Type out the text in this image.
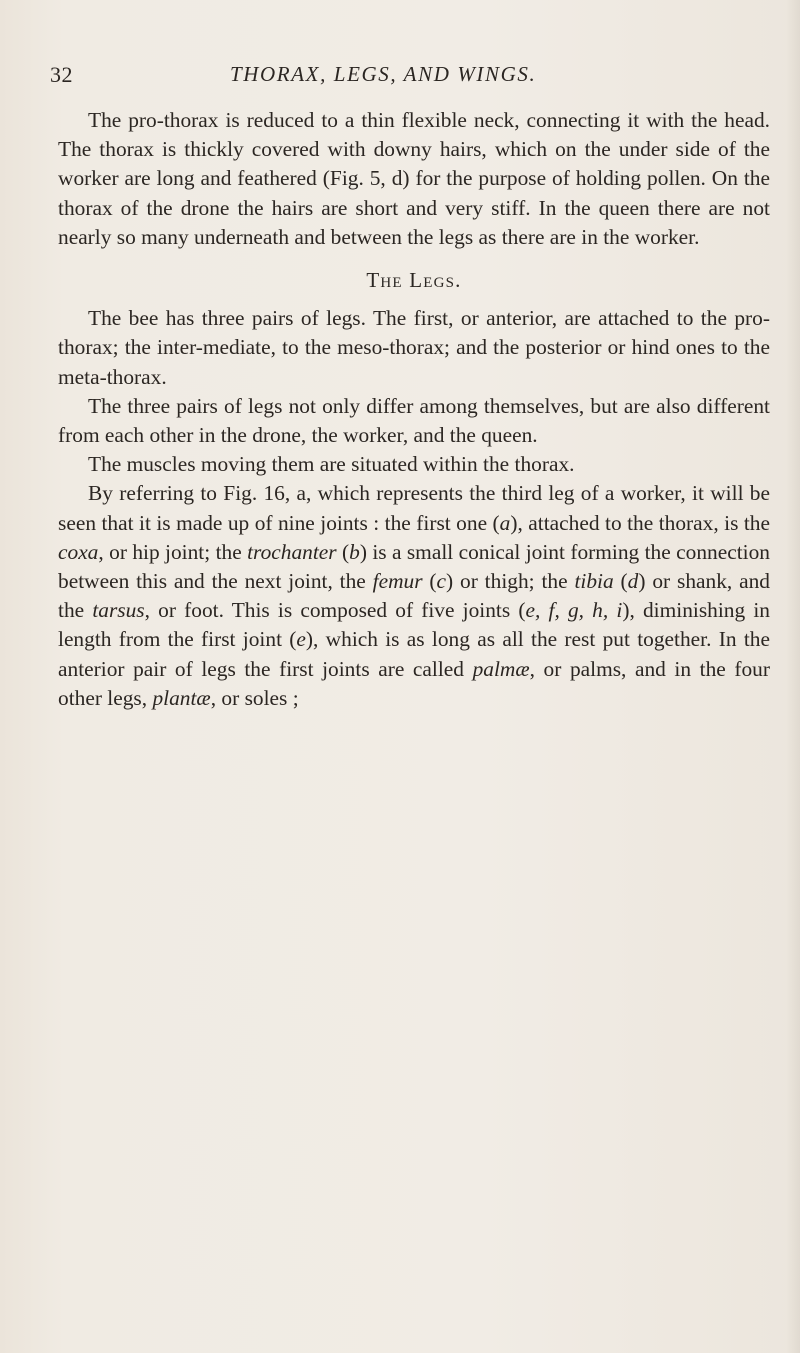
32	THORAX, LEGS, AND WINGS.

The pro-thorax is reduced to a thin flexible neck, connecting it with the head. The thorax is thickly covered with downy hairs, which on the under side of the worker are long and feathered (Fig. 5, d) for the purpose of holding pollen. On the thorax of the drone the hairs are short and very stiff. In the queen there are not nearly so many underneath and between the legs as there are in the worker.

The Legs.

The bee has three pairs of legs. The first, or anterior, are attached to the pro-thorax; the inter-mediate, to the meso-thorax; and the posterior or hind ones to the meta-thorax.

The three pairs of legs not only differ among themselves, but are also different from each other in the drone, the worker, and the queen.

The muscles moving them are situated within the thorax.

By referring to Fig. 16, a, which represents the third leg of a worker, it will be seen that it is made up of nine joints : the first one (a), attached to the thorax, is the coxa, or hip joint; the trochanter (b) is a small conical joint forming the connection between this and the next joint, the femur (c) or thigh; the tibia (d) or shank, and the tarsus, or foot. This is composed of five joints (e, f, g, h, i), diminishing in length from the first joint (e), which is as long as all the rest put together. In the anterior pair of legs the first joints are called palmæ, or palms, and in the four other legs, plantæ, or soles ;
